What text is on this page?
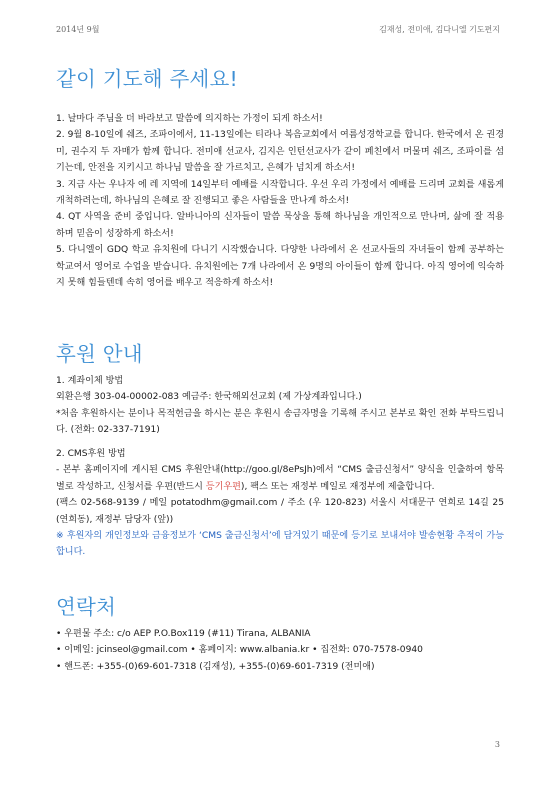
2014년 9월	김재성, 전미애, 김다니엘 기도편지
같이 기도해 주세요!

1. 날마다 주님을 더 바라보고 말씀에 의지하는 가정이 되게 하소서!

2. 9월 8-10일에 쉐즈, 조파이에서, 11-13일에는 티라나 복음교회에서 여름성경학교를 합니다. 한국에서 온 권경미, 권수지 두 자매가 함께 합니다. 전미애 선교사, 김지은 인턴선교사가 같이 페친에서 머물며 쉐즈, 조파이를 섬기는데, 안전을 지키시고 하나님 말씀을 잘 가르치고, 은혜가 넘치게 하소서!

3. 지금 사는 우나자 에 레 지역에 14일부터 예배를 시작합니다. 우선 우리 가정에서 예배를 드리며 교회를 새롭게 개척하려는데, 하나님의 은혜로 잘 진행되고 좋은 사람들을 만나게 하소서!

4. QT 사역을 준비 중입니다. 알바니아의 신자들이 말씀 묵상을 통해 하나님을 개인적으로 만나며, 삶에 잘 적용하며 믿음이 성장하게 하소서!

5. 다니엘이 GDQ 학교 유치원에 다니기 시작했습니다. 다양한 나라에서 온 선교사들의 자녀들이 함께 공부하는 학교여서 영어로 수업을 받습니다. 유치원에는 7개 나라에서 온 9명의 아이들이 함께 합니다. 아직 영어에 익숙하지 못해 힘들텐데 속히 영어를 배우고 적응하게 하소서!

후원 안내

1. 계좌이체 방법

외환은행 303-04-00002-083 예금주: 한국해외선교회 (제 가상계좌입니다.)

*처음 후원하시는 분이나 목적헌금을 하시는 분은 후원시 송금자명을 기록해 주시고 본부로 확인 전화 부탁드립니다. (전화: 02-337-7191)

2. CMS후원 방법

- 본부 홈페이지에 게시된 CMS 후원안내(http://goo.gl/8ePsJh)에서 “CMS 출금신청서” 양식을 인출하여 항목별로 작성하고, 신청서를 우편(반드시 등기우편), 팩스 또는 재정부 메일로 재정부에 제출합니다.

(팩스 02-568-9139 / 메일 potatodhm@gmail.com / 주소 (우 120-823) 서울시 서대문구 연희로 14길 25 (연희동), 재정부 담당자 (앞))

※ 후원자의 개인정보와 금융정보가 ‘CMS 출금신청서’에 담겨있기 때문에 등기로 보내셔야 발송현황 추적이 가능합니다.

연락처

• 우편물 주소: c/o AEP P.O.Box119 (#11) Tirana, ALBANIA

• 이메일: jcinseol@gmail.com • 홈페이지: www.albania.kr • 집전화: 070-7578-0940

• 핸드폰: +355-(0)69-601-7318 (김재성), +355-(0)69-601-7319 (전미애)

3
